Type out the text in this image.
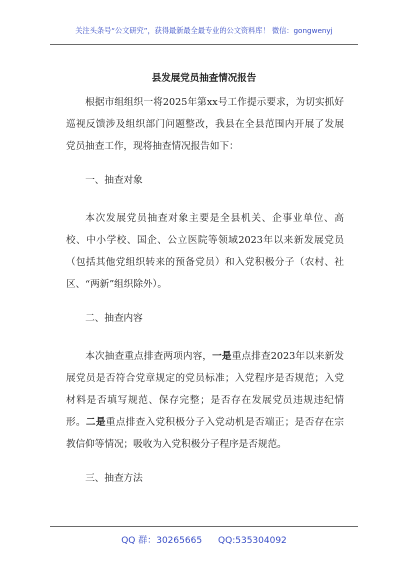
关注头条号“公文研究”，获得最新最全最专业的公文资料库！ 微信：gongwenyj
县发展党员抽查情况报告
根据市组组织一将2025年第xx号工作提示要求，为切实抓好巡视反馈涉及组织部门问题整改，我县在全县范围内开展了发展党员抽查工作，现将抽查情况报告如下：
一、抽查对象
本次发展党员抽查对象主要是全县机关、企事业单位、高校、中小学校、国企、公立医院等领域2023年以来新发展党员（包括其他党组织转来的预备党员）和入党积极分子（农村、社区、“两新”组织除外）。
二、抽查内容
本次抽查重点排查两项内容，一是重点排查2023年以来新发展党员是否符合党章规定的党员标准；入党程序是否规范；入党材料是否填写规范、保存完整；是否存在发展党员违规违纪情形。二是重点排查入党积极分子入党动机是否端正；是否存在宗教信仰等情况；吸收为入党积极分子程序是否规范。
三、抽查方法
QQ 群：30265665 QQ:535304092
